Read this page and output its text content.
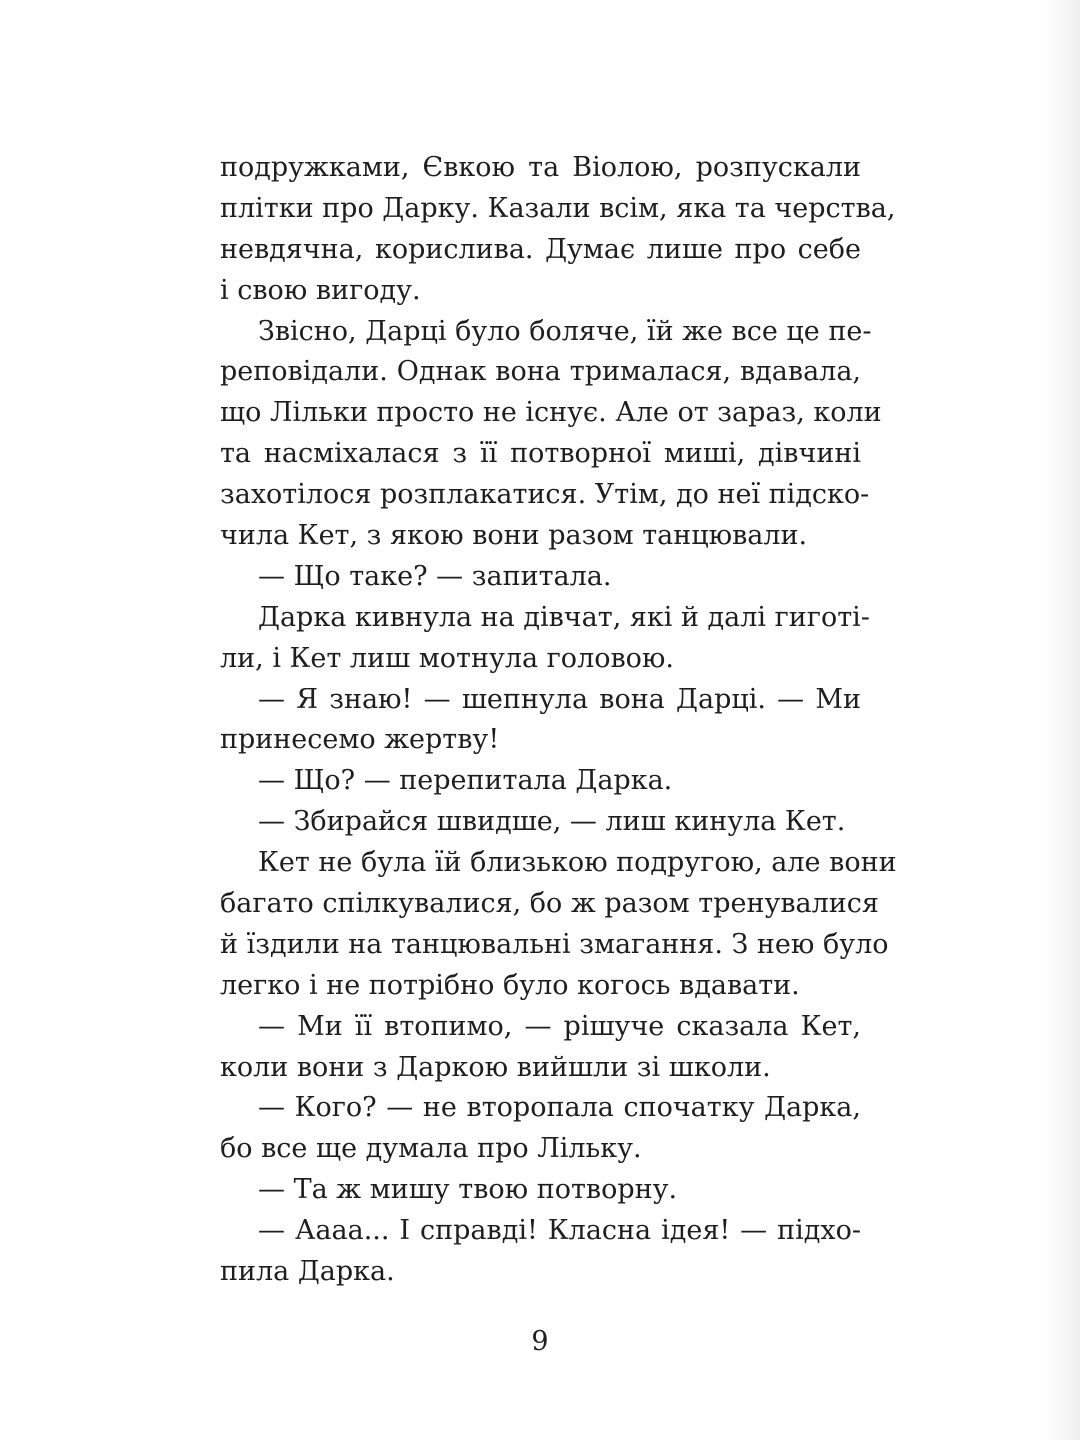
подружками, Євкою та Віолою, розпускали
плітки про Дарку. Казали всім, яка та черства,
невдячна, корислива. Думає лише про себе
і свою вигоду.
Звісно, Дарці було боляче, їй же все це пе-
реповідали. Однак вона трималася, вдавала,
що Лільки просто не існує. Але от зараз, коли
та насміхалася з її потворної миші, дівчині
захотілося розплакатися. Утім, до неї підско-
чила Кет, з якою вони разом танцювали.
— Що таке? — запитала.
Дарка кивнула на дівчат, які й далі гиготі-
ли, і Кет лиш мотнула головою.
— Я знаю! — шепнула вона Дарці. — Ми
принесемо жертву!
— Що? — перепитала Дарка.
— Збирайся швидше, — лиш кинула Кет.
Кет не була їй близькою подругою, але вони
багато спілкувалися, бо ж разом тренувалися
й їздили на танцювальні змагання. З нею було
легко і не потрібно було когось вдавати.
— Ми її втопимо, — рішуче сказала Кет,
коли вони з Даркою вийшли зі школи.
— Кого? — не второпала спочатку Дарка,
бо все ще думала про Лільку.
— Та ж мишу твою потворну.
— Аааа... І справді! Класна ідея! — підхо-
пила Дарка.
9
